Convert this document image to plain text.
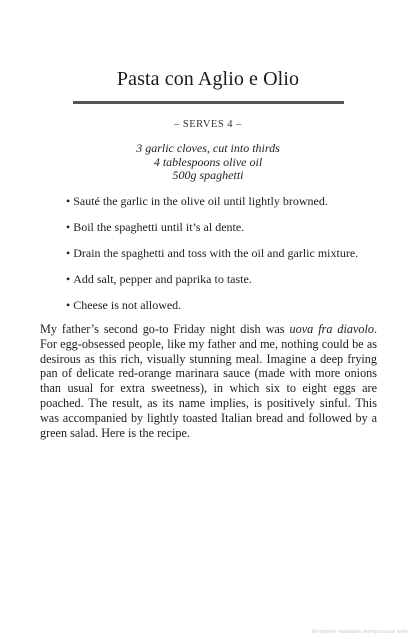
Pasta con Aglio e Olio
– SERVES 4 –
3 garlic cloves, cut into thirds
4 tablespoons olive oil
500g spaghetti
• Sauté the garlic in the olive oil until lightly browned.
• Boil the spaghetti until it’s al dente.
• Drain the spaghetti and toss with the oil and garlic mixture.
• Add salt, pepper and paprika to taste.
• Cheese is not allowed.

My father’s second go-to Friday night dish was uova fra diavolo. For egg-obsessed people, like my father and me, nothing could be as desirous as this rich, visually stunning meal. Imagine a deep frying pan of delicate red-orange marinara sauce (made with more onions than usual for extra sweetness), in which six to eight eggs are poached. The result, as its name implies, is positively sinful. This was accompanied by lightly toasted Italian bread and followed by a green salad. Here is the recipe.

Интернет-магазин интересных книг
